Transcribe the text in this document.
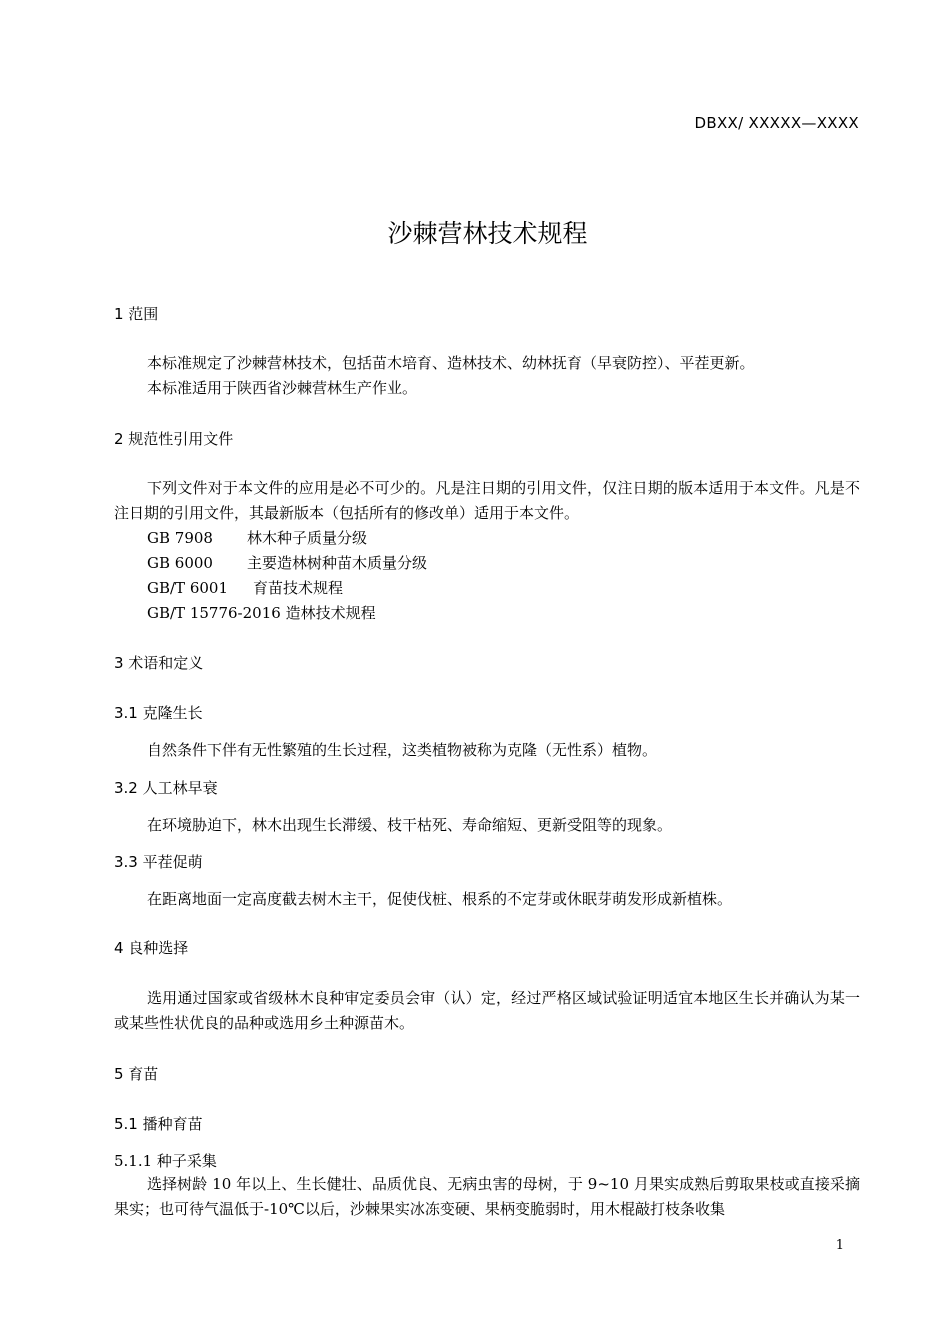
DBXX/ XXXXX—XXXX
沙棘营林技术规程
1 范围
本标准规定了沙棘营林技术，包括苗木培育、造林技术、幼林抚育（早衰防控）、平茬更新。
本标准适用于陕西省沙棘营林生产作业。
2 规范性引用文件
下列文件对于本文件的应用是必不可少的。凡是注日期的引用文件，仅注日期的版本适用于本文件。凡是不注日期的引用文件，其最新版本（包括所有的修改单）适用于本文件。
GB 7908 林木种子质量分级
GB 6000 主要造林树种苗木质量分级
GB/T 6001 育苗技术规程
GB/T 15776-2016 造林技术规程
3 术语和定义
3.1 克隆生长
自然条件下伴有无性繁殖的生长过程，这类植物被称为克隆（无性系）植物。
3.2 人工林早衰
在环境胁迫下，林木出现生长滞缓、枝干枯死、寿命缩短、更新受阻等的现象。
3.3 平茬促萌
在距离地面一定高度截去树木主干，促使伐桩、根系的不定芽或休眠芽萌发形成新植株。
4 良种选择
选用通过国家或省级林木良种审定委员会审（认）定，经过严格区域试验证明适宜本地区生长并确认为某一或某些性状优良的品种或选用乡土种源苗木。
5 育苗
5.1 播种育苗
5.1.1 种子采集
选择树龄 10 年以上、生长健壮、品质优良、无病虫害的母树，于 9~10 月果实成熟后剪取果枝或直接采摘果实；也可待气温低于-10℃以后，沙棘果实冰冻变硬、果柄变脆弱时，用木棍敲打枝条收集
1
